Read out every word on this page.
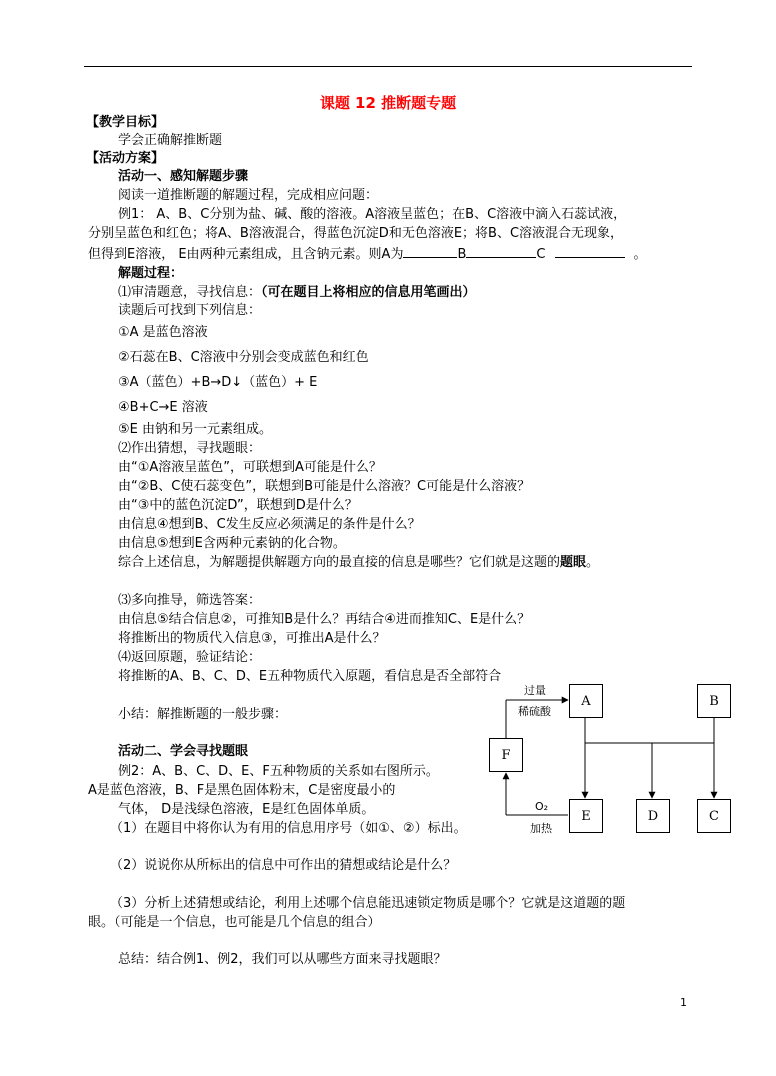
课题 12 推断题专题
【教学目标】
学会正确解推断题
【活动方案】
活动一、感知解题步骤
阅读一道推断题的解题过程，完成相应问题：
例1： A、B、C分别为盐、碱、酸的溶液。A溶液呈蓝色；在B、C溶液中滴入石蕊试液，
分别呈蓝色和红色；将A、B溶液混合，得蓝色沉淀D和无色溶液E；将B、C溶液混合无现象，
但得到E溶液， E由两种元素组成，且含钠元素。则A为	B	C	。
解题过程：
⑴审清题意，寻找信息：（可在题目上将相应的信息用笔画出）
读题后可找到下列信息：
①A 是蓝色溶液
②石蕊在B、C溶液中分别会变成蓝色和红色
③A（蓝色）+B→D↓（蓝色）+ E
④B+C→E 溶液
⑤E 由钠和另一元素组成。
⑵作出猜想，寻找题眼：
由“①A溶液呈蓝色”，可联想到A可能是什么？
由“②B、C使石蕊变色”，联想到B可能是什么溶液？C可能是什么溶液？
由“③中的蓝色沉淀D”，联想到D是什么？
由信息④想到B、C发生反应必须满足的条件是什么？
由信息⑤想到E含两种元素钠的化合物。
综合上述信息，为解题提供解题方向的最直接的信息是哪些？它们就是这题的题眼。
⑶多向推导，筛选答案：
由信息⑤结合信息②，可推知B是什么？再结合④进而推知C、E是什么？
将推断出的物质代入信息③，可推出A是什么？
⑷返回原题，验证结论：
将推断的A、B、C、D、E五种物质代入原题，看信息是否全部符合
小结：解推断题的一般步骤：
活动二、学会寻找题眼
例2：A、B、C、D、E、F五种物质的关系如右图所示。
A是蓝色溶液，B、F是黑色固体粉末，C是密度最小的
气体， D是浅绿色溶液，E是红色固体单质。
（1）在题目中将你认为有用的信息用序号（如①、②）标出。
（2）说说你从所标出的信息中可作出的猜想或结论是什么？
（3）分析上述猜想或结论，利用上述哪个信息能迅速锁定物质是哪个？它就是这道题的题
眼。（可能是一个信息，也可能是几个信息的组合）
总结：结合例1、例2，我们可以从哪些方面来寻找题眼？
A	B
F
E	D	C
过量
稀硫酸
O₂
加热
1
